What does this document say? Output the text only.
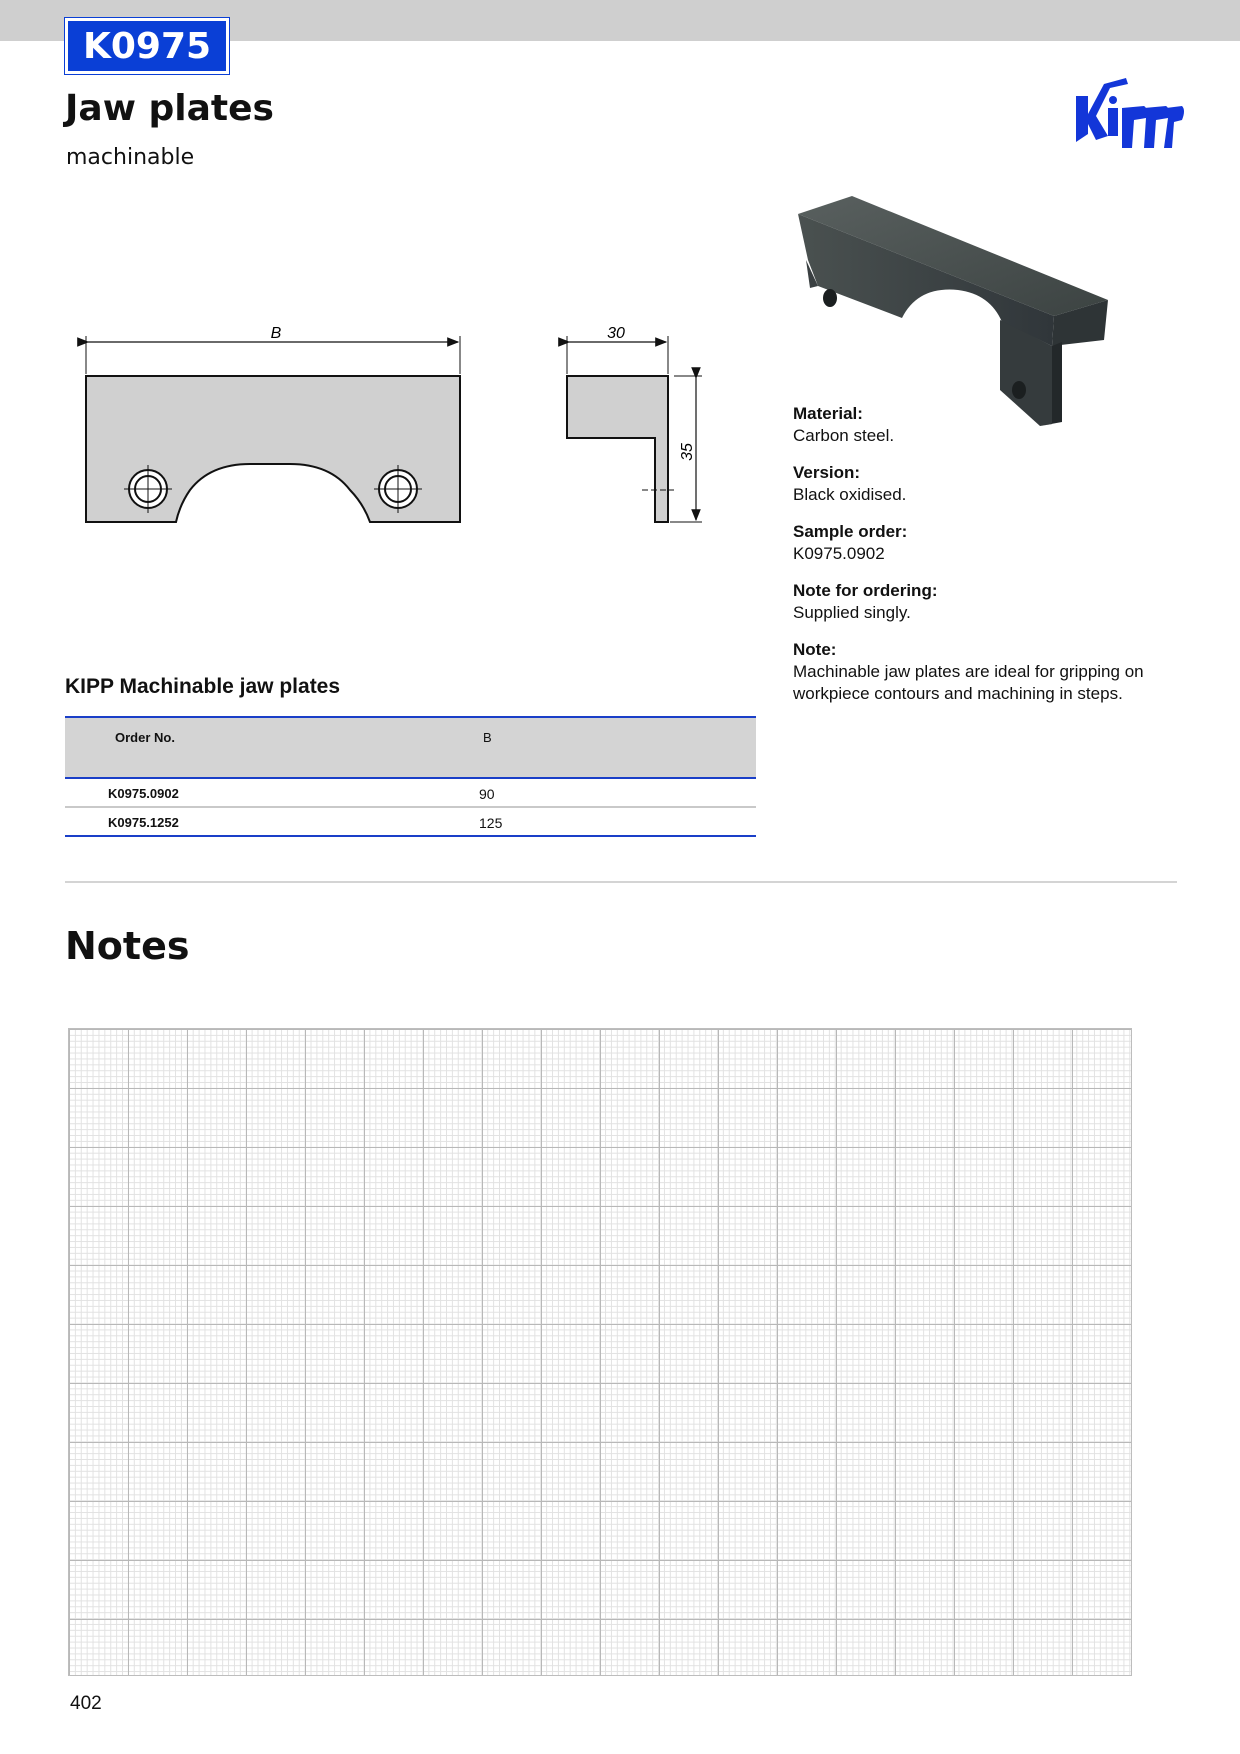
K0975
Jaw plates
machinable
B	30
35
Material:
Carbon steel.
Version:
Black oxidised.
Sample order:
K0975.0902
Note for ordering:
Supplied singly.
Note:
Machinable jaw plates are ideal for gripping on workpiece contours and machining in steps.
KIPP Machinable jaw plates
Order No.	B
K0975.0902	90
K0975.1252	125
Notes
402
